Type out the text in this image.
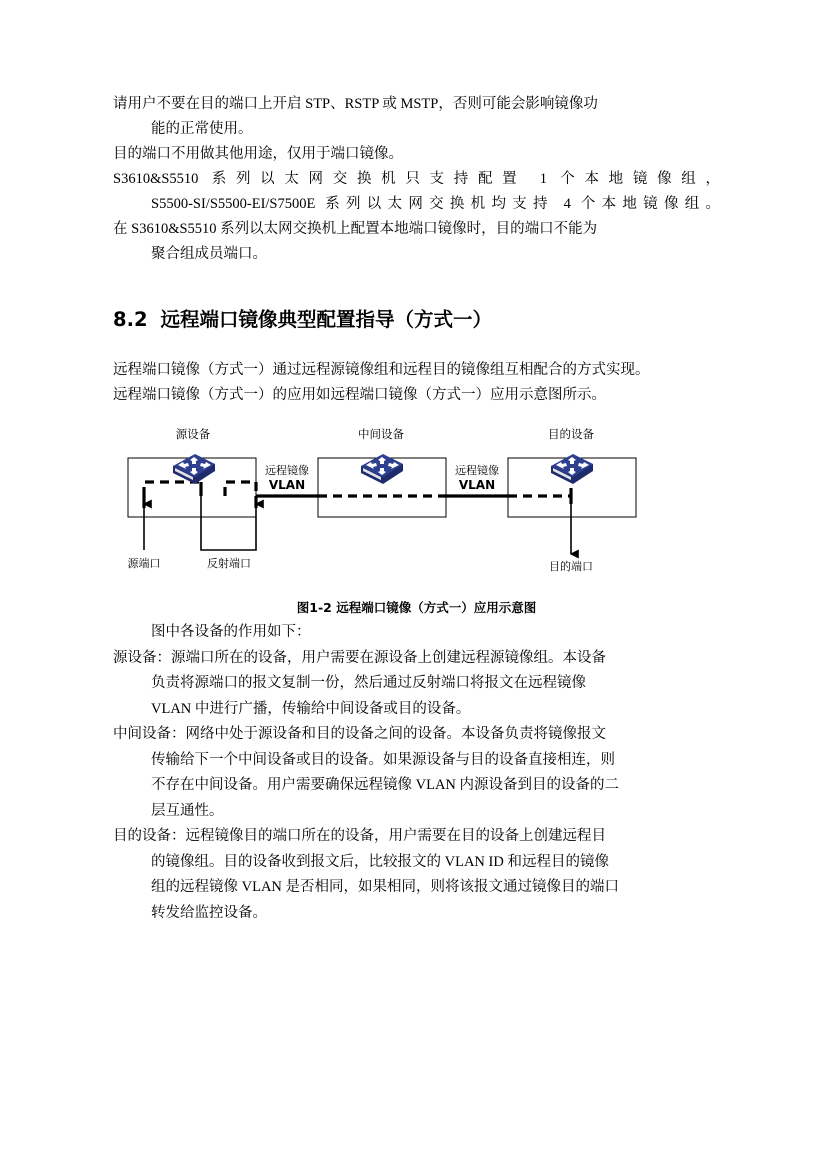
请用户不要在目的端口上开启 STP、RSTP 或 MSTP，否则可能会影响镜像功
能的正常使用。
目的端口不用做其他用途，仅用于端口镜像。
S3610&S5510 系列以太网交换机只支持配置 1 个本地镜像组，
S5500-SI/S5500-EI/S7500E 系列以太网交换机均支持 4 个本地镜像组。
在 S3610&S5510 系列以太网交换机上配置本地端口镜像时，目的端口不能为
聚合组成员端口。
8.2 远程端口镜像典型配置指导（方式一）

远程端口镜像（方式一）通过远程源镜像组和远程目的镜像组互相配合的方式实现。
远程端口镜像（方式一）的应用如远程端口镜像（方式一）应用示意图所示。

源设备	中间设备	目的设备
远程镜像
VLAN
远程镜像
VLAN
源端口	反射端口	目的端口
图1-2 远程端口镜像（方式一）应用示意图

图中各设备的作用如下：

源设备：源端口所在的设备，用户需要在源设备上创建远程源镜像组。本设备
负责将源端口的报文复制一份，然后通过反射端口将报文在远程镜像
VLAN 中进行广播，传输给中间设备或目的设备。

中间设备：网络中处于源设备和目的设备之间的设备。本设备负责将镜像报文
传输给下一个中间设备或目的设备。如果源设备与目的设备直接相连，则
不存在中间设备。用户需要确保远程镜像 VLAN 内源设备到目的设备的二
层互通性。

目的设备：远程镜像目的端口所在的设备，用户需要在目的设备上创建远程目
的镜像组。目的设备收到报文后，比较报文的 VLAN ID 和远程目的镜像
组的远程镜像 VLAN 是否相同，如果相同，则将该报文通过镜像目的端口
转发给监控设备。
